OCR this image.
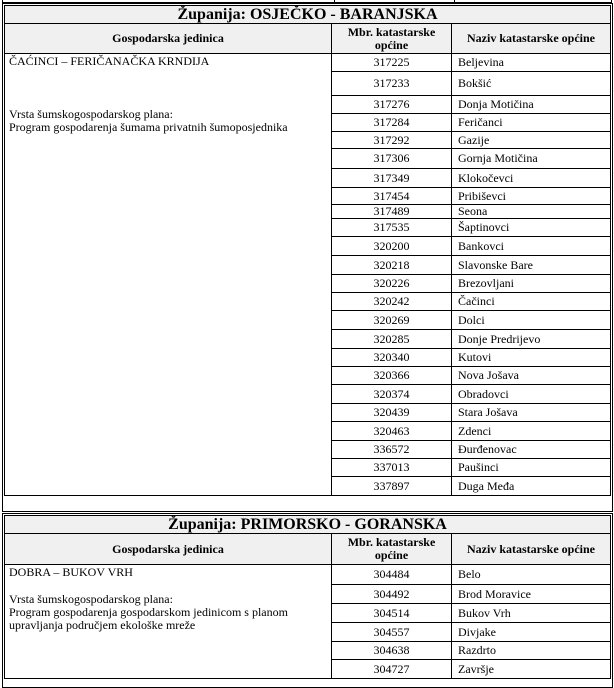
Županija: OSJEČKO - BARANJSKA		
Gospodarska jedinica	Mbr. katastarske općine	Naziv katastarske općine

ČAĆINCI – FERIČANAČKA KRNDIJA
Vrsta šumskogospodarskog plana:
Program gospodarenja šumama privatnih šumoposjednika	317225	Beljevina
	317233	Bokšić
	317276	Donja Motičina
	317284	Feričanci
	317292	Gazije
	317306	Gornja Motičina
	317349	Klokočevci
	317454	Pribiševci
	317489	Seona
	317535	Šaptinovci
	320200	Bankovci
	320218	Slavonske Bare
	320226	Brezovljani
	320242	Čačinci
	320269	Dolci
	320285	Donje Predrijevo
	320340	Kutovi
	320366	Nova Jošava
	320374	Obradovci
	320439	Stara Jošava
	320463	Zdenci
	336572	Đurđenovac
	337013	Paušinci
	337897	Duga Međa
Županija: PRIMORSKO - GORANSKA		
Gospodarska jedinica	Mbr. katastarske općine	Naziv katastarske općine

DOBRA – BUKOV VRH
Vrsta šumskogospodarskog plana:
Program gospodarenja gospodarskom jedinicom s planom upravljanja područjem ekološke mreže	304484	Belo
	304492	Brod Moravice
	304514	Bukov Vrh
	304557	Divjake
	304638	Razdrto
	304727	Završje
